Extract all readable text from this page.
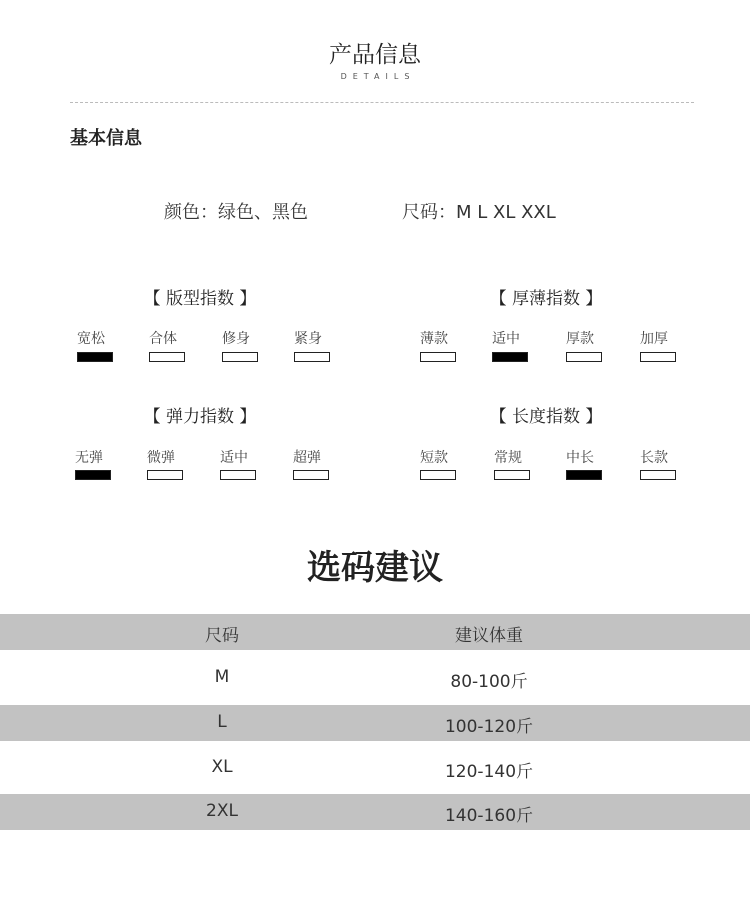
产品信息
DETAILS
基本信息
颜色：绿色、黑色	尺码：M L XL XXL
【 版型指数 】
宽松	合体	修身	紧身
【 厚薄指数 】
薄款	适中	厚款	加厚
【 弹力指数 】
无弹	微弹	适中	超弹
【 长度指数 】
短款	常规	中长	长款
选码建议
尺码	建议体重
M	80-100斤
L	100-120斤
XL	120-140斤
2XL	140-160斤
